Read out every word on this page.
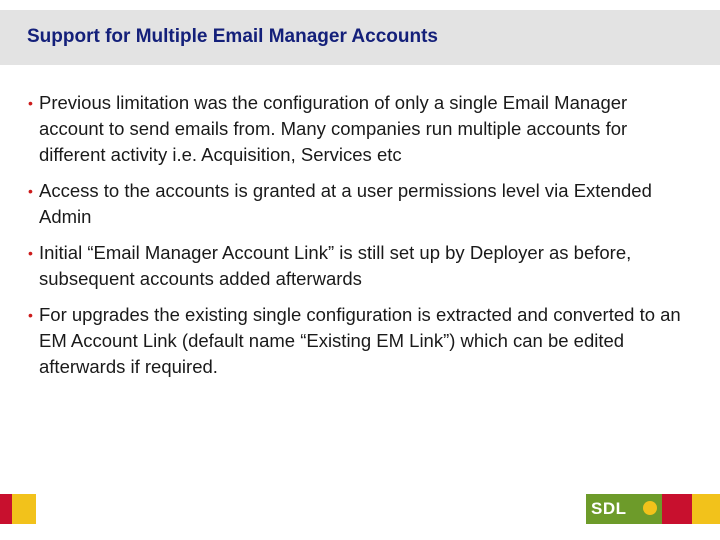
Support for Multiple Email Manager Accounts
• Previous limitation was the configuration of only a single Email Manager account to send emails from. Many companies run multiple accounts for different activity i.e. Acquisition, Services etc
• Access to the accounts is granted at a user permissions level via Extended Admin
• Initial “Email Manager Account Link” is still set up by Deployer as before, subsequent accounts added afterwards
• For upgrades the existing single configuration is extracted and converted to an EM Account Link (default name “Existing EM Link”) which can be edited afterwards if required.
SDL
